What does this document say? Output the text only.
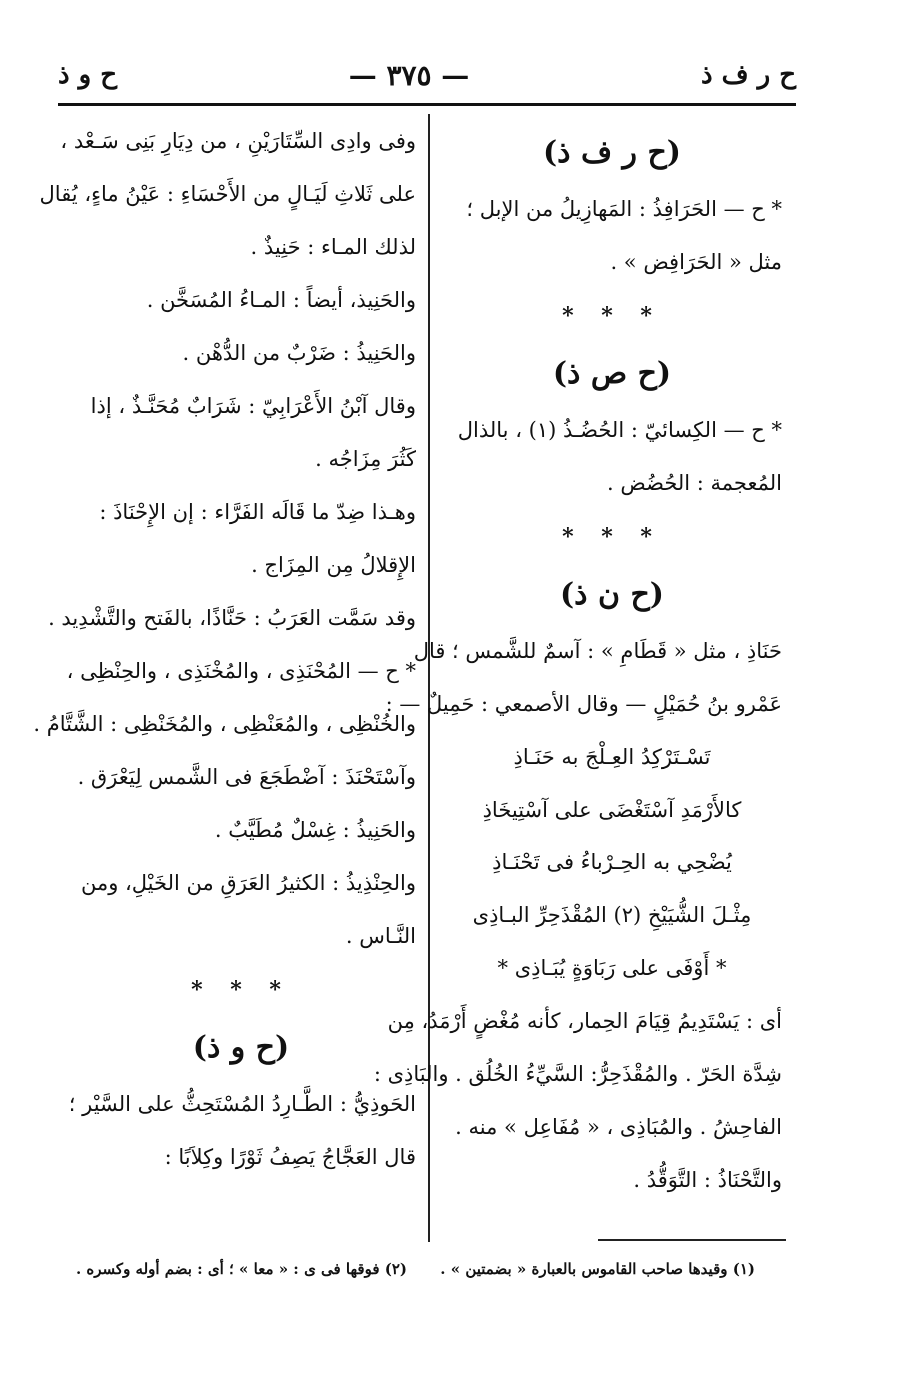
ح و ذ	— ٣٧٥ —	ح ر ف ذ
(ح ر ف ذ)
* ح — الحَرَافِذُ : المَهازِيلُ من الإبل ؛
مثل « الحَرَافِض » .
* * *
(ح ص ذ)
* ح — الكِسائيّ : الحُضُـذُ (١) ، بالذال
المُعجمة : الحُضُض .
* * *
(ح ن ذ)
حَنَاذِ ، مثل « قَطَامِ » : آسمٌ للشَّمس ؛ قال
عَمْرو بنُ حُمَيْلٍ — وقال الأصمعي : حَمِيلٌ — :
تَسْـتَرْكِدُ العِـلْجَ به حَنَـاذِ
كالأَرْمَدِ آسْتَغْضَى على آسْتِيخَاذِ
يُضْحِي به الحِـرْباءُ فى تَحْنَـاذِ
مِثْـلَ الشُّيَيْخِ (٢) المُقْذَحِرِّ البـاذِى
* أَوْفَى على رَبَاوَةٍ يُبَـاذِى *
أى : يَسْتَدِيمُ قِيَامَ الحِمار، كأنه مُغْضٍ أَرْمَدُ، مِن
شِدَّة الحَرّ . والمُقْذَحِرُّ: السَّيِّءُ الخُلُق . والبَاذِى :
الفاحِشُ . والمُبَاذِى ، « مُفَاعِل » منه .
والتَّحْنَاذُ : التَّوَقُّدُ .
وفى وادِى السِّتَارَيْنِ ، من دِيَارِ بَنِى سَـعْد ،
على ثَلاثِ لَيَـالٍ من الأَحْسَاءِ : عَيْنُ ماءٍ، يُقال
لذلك المـاء : حَنِيذٌ .
والحَنِيذ، أيضاً : المـاءُ المُسَخَّن .
والحَنِيذُ : ضَرْبٌ من الدُّهْن .
وقال آبْنُ الأَعْرَابِيّ : شَرَابٌ مُحَنَّـذٌ ، إذا
كَثُرَ مِزَاجُه .
وهـذا ضِدّ ما قَالَه الفَرَّاء : إن الإِحْنَاذَ :
الإِقلالُ مِن المِزَاج .
وقد سَمَّت العَرَبُ : حَنَّاذًا، بالفَتح والتَّشْدِيد .
* ح — المُحْنَذِى ، والمُخْنَذِى ، والحِنْظِى ،
والخُنْظِى ، والمُعَنْظِى ، والمُخَنْظِى : الشَّتَّامُ .
وآسْتَحْنَذَ : آضْطَجَعَ فى الشَّمس لِيَعْرَق .
والحَنِيذُ : غِسْلٌ مُطَيَّبٌ .
والحِنْذِيذُ : الكثيرُ العَرَقِ من الخَيْلِ، ومن
النَّـاس .
* * *
(ح و ذ)
الحَوذِيُّ : الطَّـارِدُ المُسْتَحِثُّ على السَّيْر ؛
قال العَجَّاجُ يَصِفُ ثَوْرًا وكِلاَبًا :
(١) وقيدها صاحب القاموس بالعبارة « بضمتين » .
(٢) فوقها فى ى : « معا » ؛ أى : بضم أوله وكسره .
